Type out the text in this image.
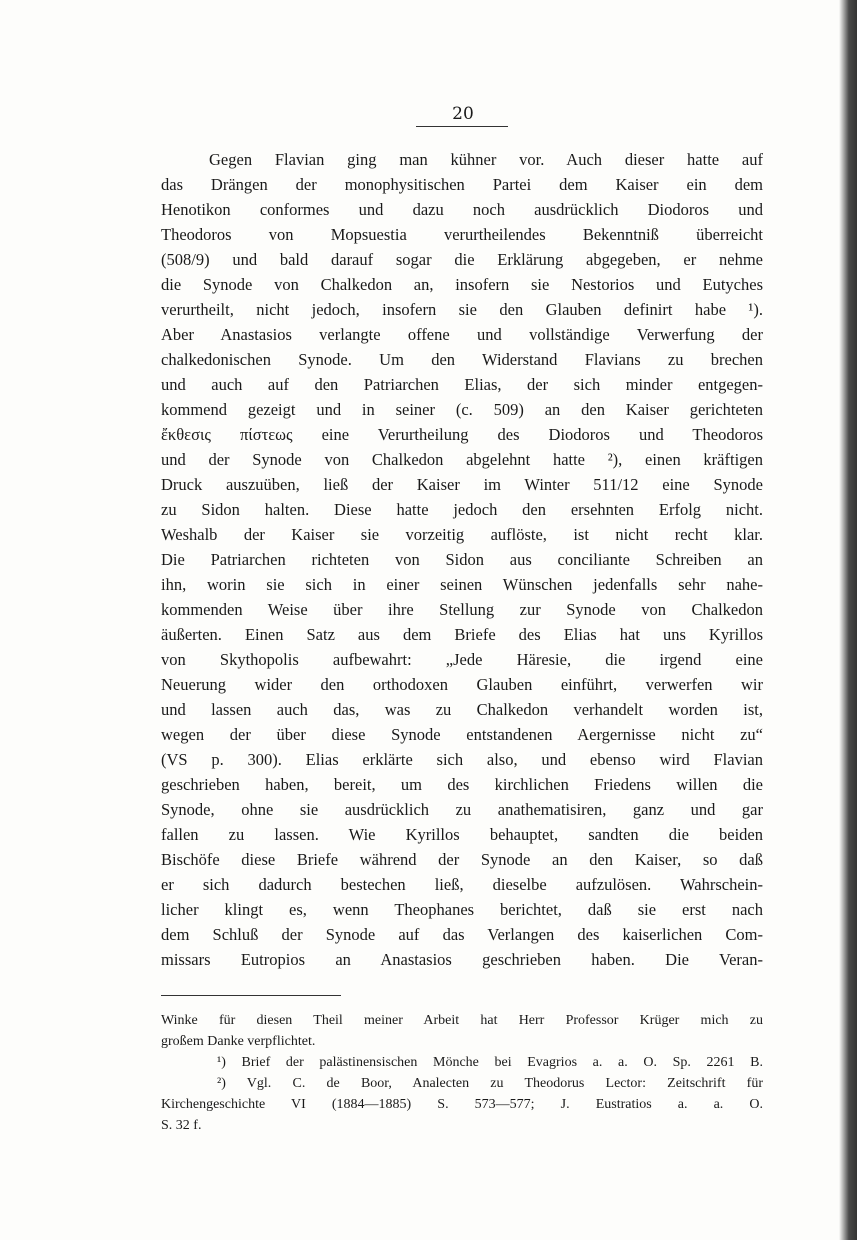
20
Gegen Flavian ging man kühner vor. Auch dieser hatte auf
das Drängen der monophysitischen Partei dem Kaiser ein dem
Henotikon conformes und dazu noch ausdrücklich Diodoros und
Theodoros von Mopsuestia verurtheilendes Bekenntniß überreicht
(508/9) und bald darauf sogar die Erklärung abgegeben, er nehme
die Synode von Chalkedon an, insofern sie Nestorios und Eutyches
verurtheilt, nicht jedoch, insofern sie den Glauben definirt habe ¹).
Aber Anastasios verlangte offene und vollständige Verwerfung der
chalkedonischen Synode. Um den Widerstand Flavians zu brechen
und auch auf den Patriarchen Elias, der sich minder entgegen-
kommend gezeigt und in seiner (c. 509) an den Kaiser gerichteten
ἔκθεσις πίστεως eine Verurtheilung des Diodoros und Theodoros
und der Synode von Chalkedon abgelehnt hatte ²), einen kräftigen
Druck auszuüben, ließ der Kaiser im Winter 511/12 eine Synode
zu Sidon halten. Diese hatte jedoch den ersehnten Erfolg nicht.
Weshalb der Kaiser sie vorzeitig auflöste, ist nicht recht klar.
Die Patriarchen richteten von Sidon aus conciliante Schreiben an
ihn, worin sie sich in einer seinen Wünschen jedenfalls sehr nahe-
kommenden Weise über ihre Stellung zur Synode von Chalkedon
äußerten. Einen Satz aus dem Briefe des Elias hat uns Kyrillos
von Skythopolis aufbewahrt: „Jede Häresie, die irgend eine
Neuerung wider den orthodoxen Glauben einführt, verwerfen wir
und lassen auch das, was zu Chalkedon verhandelt worden ist,
wegen der über diese Synode entstandenen Aergernisse nicht zu“
(VS p. 300). Elias erklärte sich also, und ebenso wird Flavian
geschrieben haben, bereit, um des kirchlichen Friedens willen die
Synode, ohne sie ausdrücklich zu anathematisiren, ganz und gar
fallen zu lassen. Wie Kyrillos behauptet, sandten die beiden
Bischöfe diese Briefe während der Synode an den Kaiser, so daß
er sich dadurch bestechen ließ, dieselbe aufzulösen. Wahrschein-
licher klingt es, wenn Theophanes berichtet, daß sie erst nach
dem Schluß der Synode auf das Verlangen des kaiserlichen Com-
missars Eutropios an Anastasios geschrieben haben. Die Veran-
Winke für diesen Theil meiner Arbeit hat Herr Professor Krüger mich zu
großem Danke verpflichtet.
¹) Brief der palästinensischen Mönche bei Evagrios a. a. O. Sp. 2261 B.
²) Vgl. C. de Boor, Analecten zu Theodorus Lector: Zeitschrift für
Kirchengeschichte VI (1884—1885) S. 573—577; J. Eustratios a. a. O.
S. 32 f.
